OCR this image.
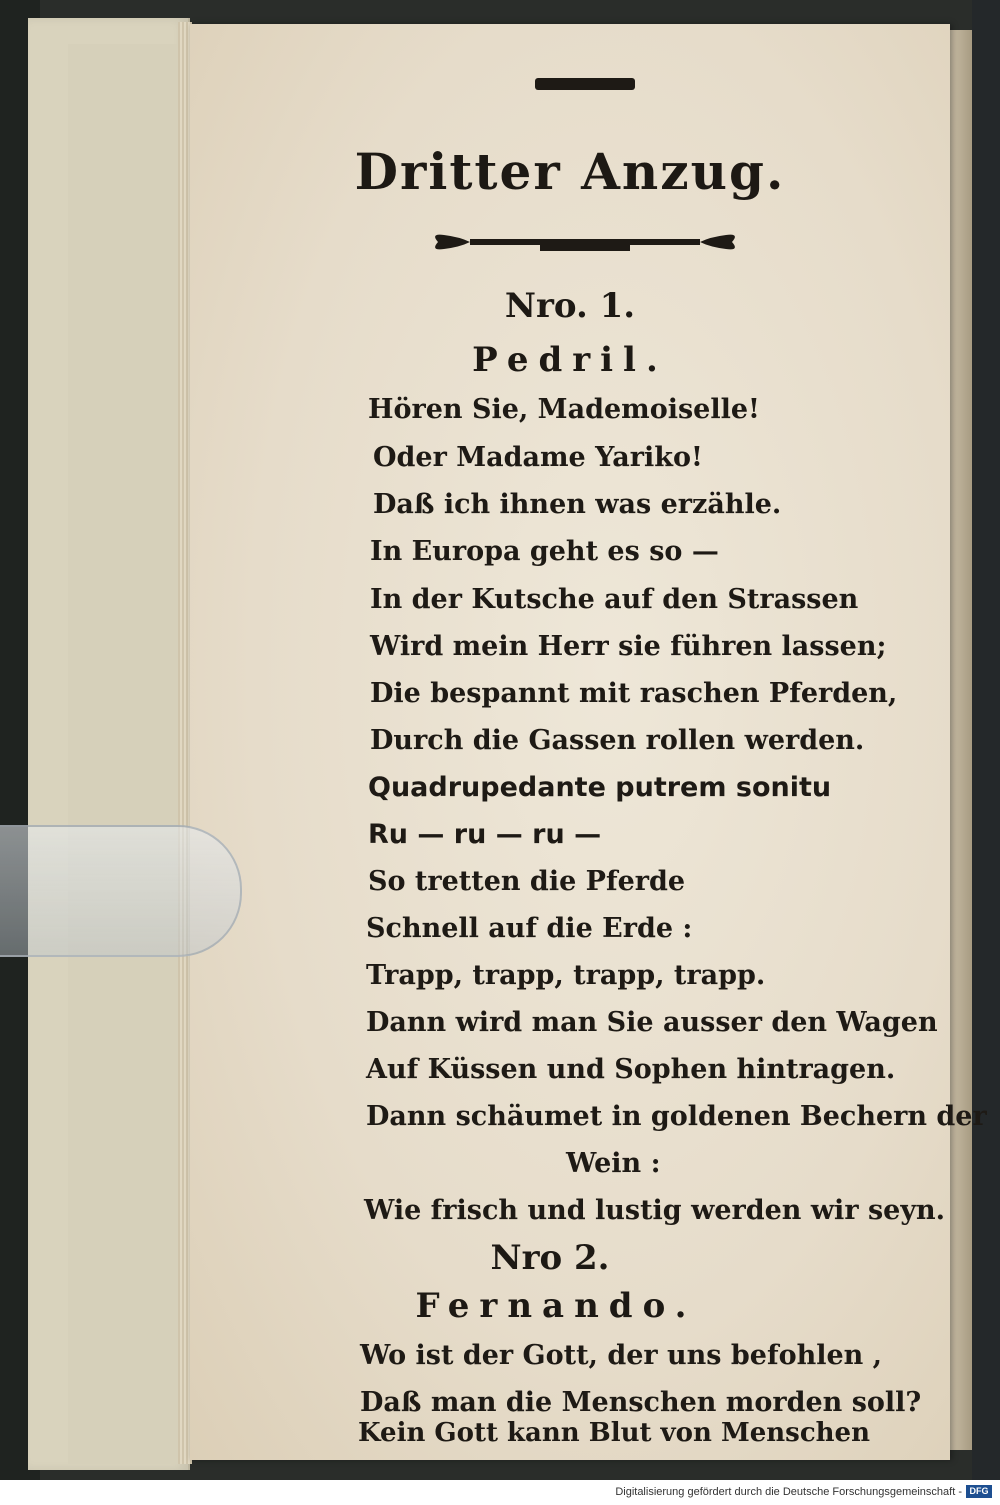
Dritter Anzug.
Nro. 1.
Pedril.
Hören Sie, Mademoiselle!
Oder Madame Yariko!
Daß ich ihnen was erzähle.
In Europa geht es so —
In der Kutsche auf den Strassen
Wird mein Herr sie führen lassen;
Die bespannt mit raschen Pferden,
Durch die Gassen rollen werden.
Quadrupedante putrem sonitu
Ru — ru — ru —
So tretten die Pferde
Schnell auf die Erde :
Trapp, trapp, trapp, trapp.
Dann wird man Sie ausser den Wagen
Auf Küssen und Sophen hintragen.
Dann schäumet in goldenen Bechern der
Wein :
Wie frisch und lustig werden wir seyn.
Nro 2.
Fernando.
Wo ist der Gott, der uns befohlen ,
Daß man die Menschen morden soll?
Kein Gott kann Blut von Menschen
Digitalisierung gefördert durch die Deutsche Forschungsgemeinschaft - DFG
